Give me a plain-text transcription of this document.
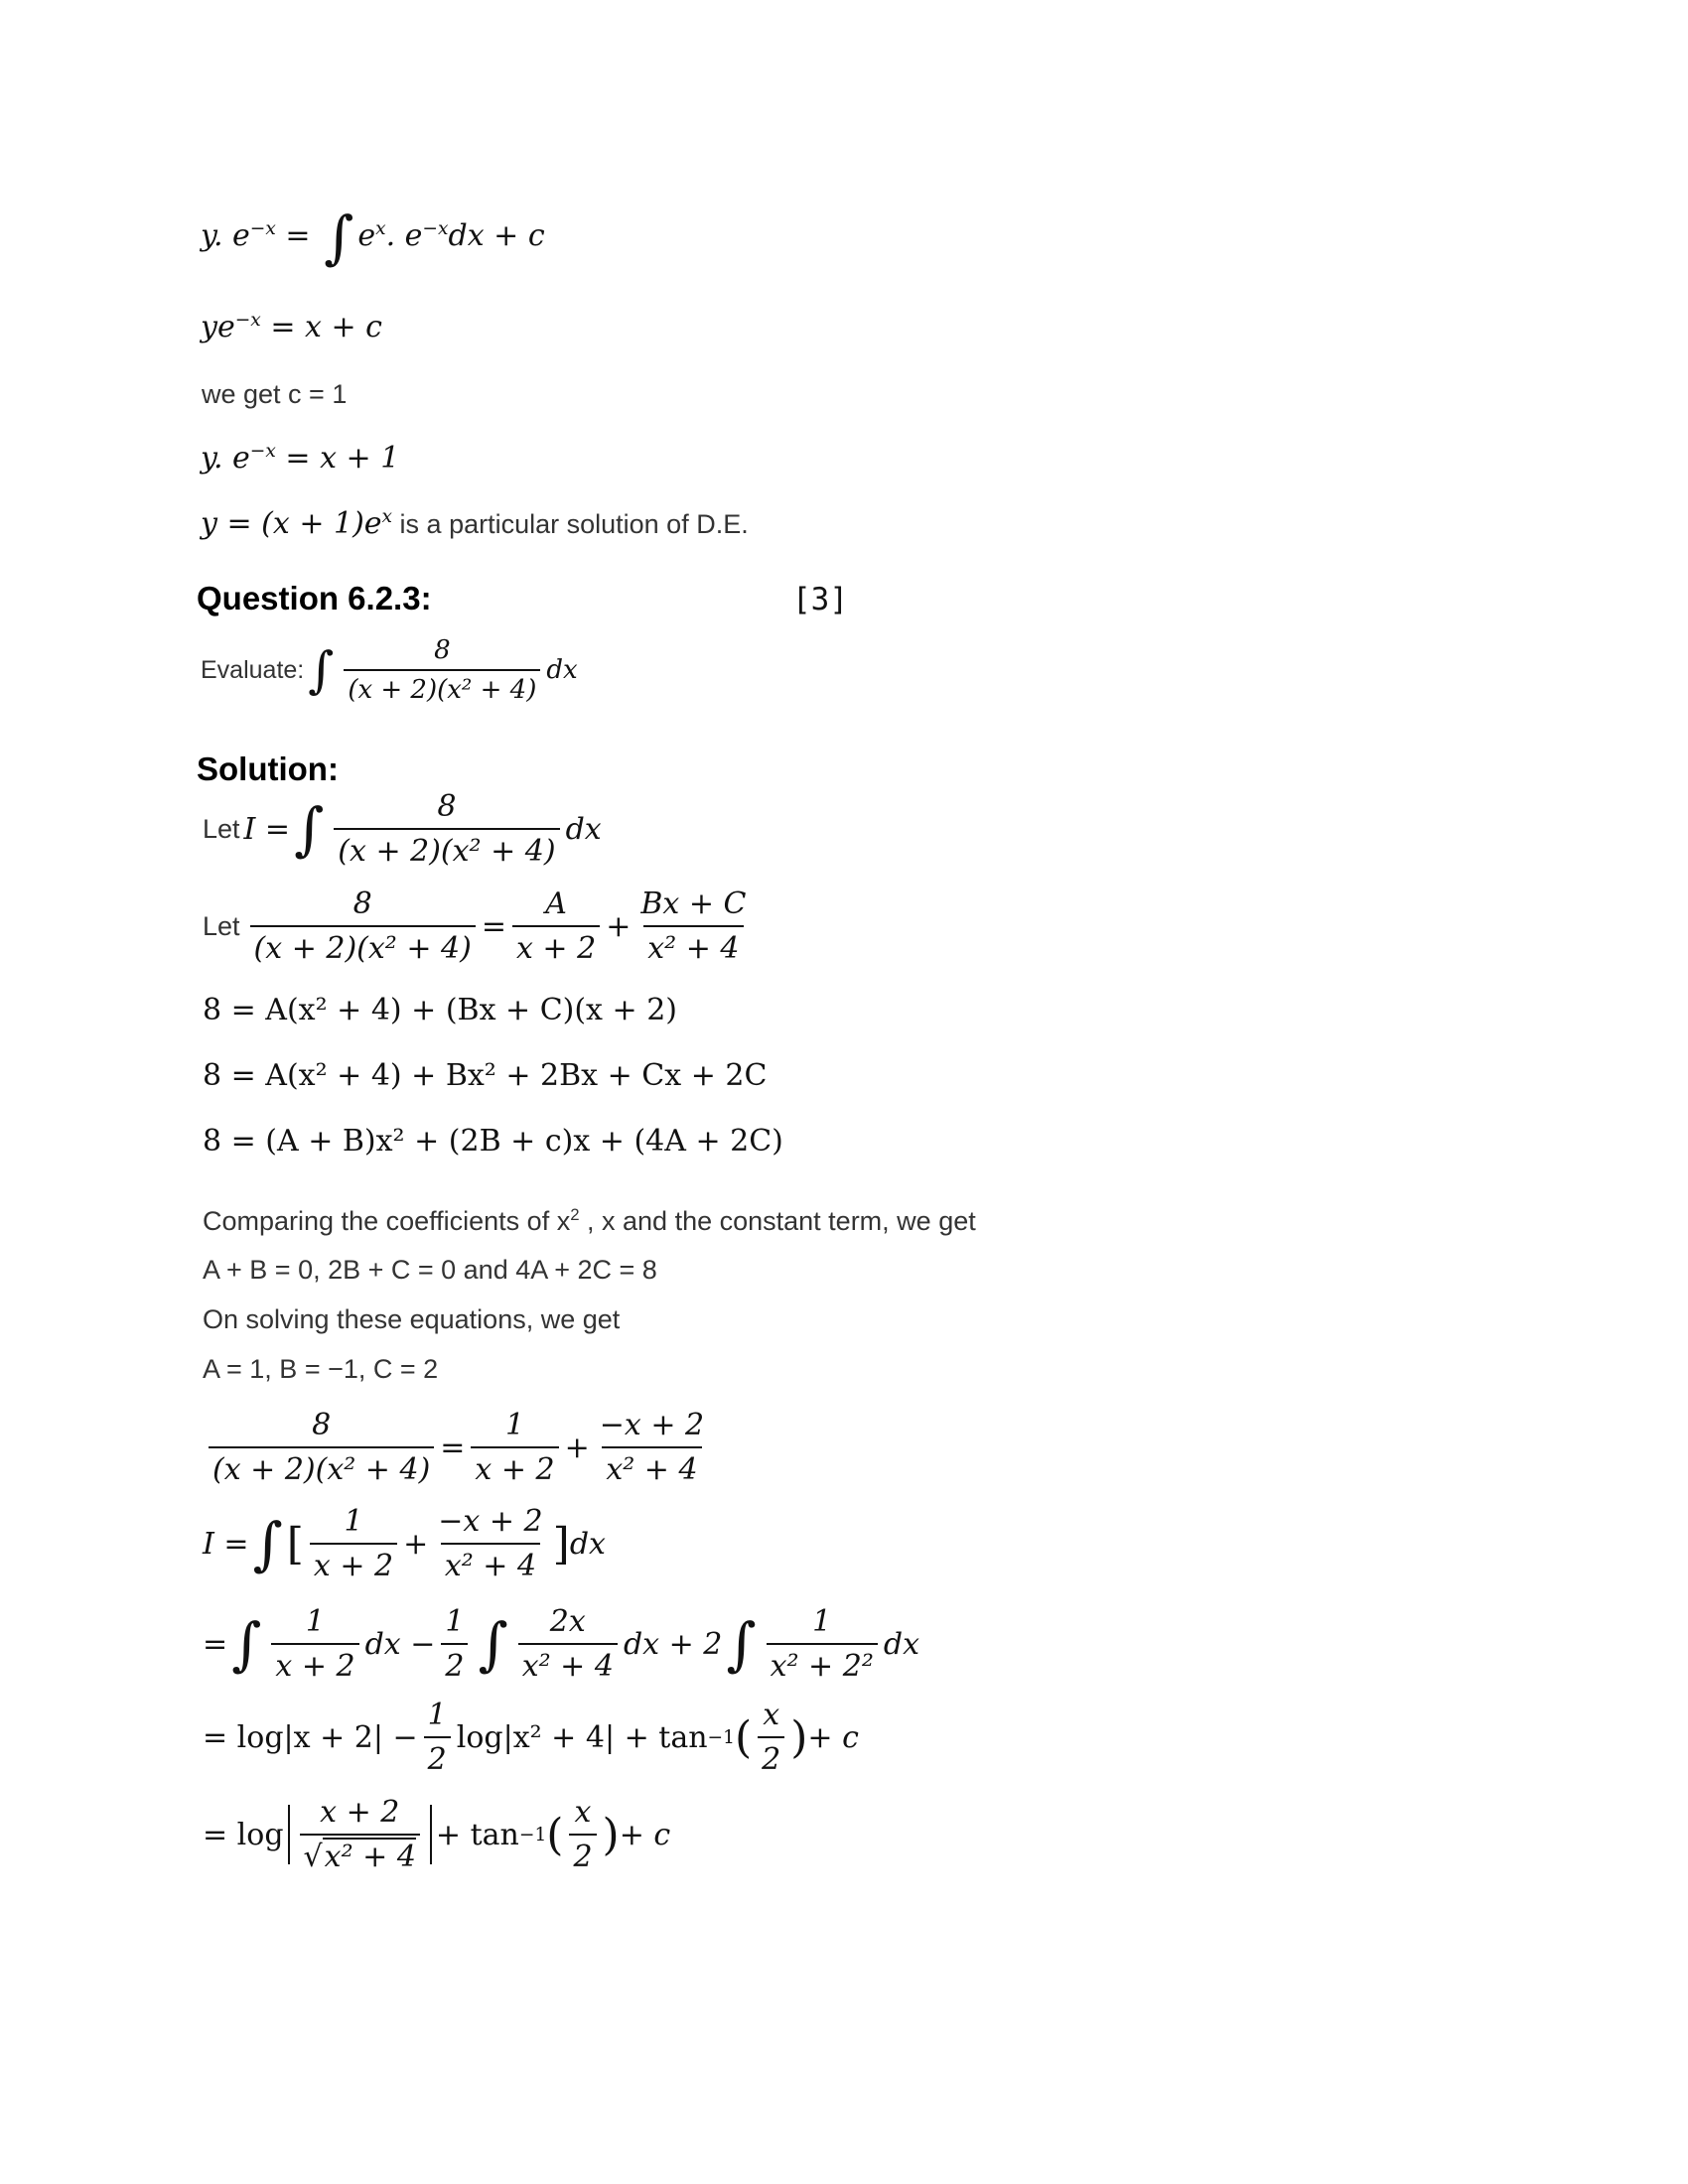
y. $e^{-x}$ = ∫ $e^x$. $e^{-x}dx + c$
$ye^{-x} = x + c$
we get c = 1
y. $e^{-x} = x + 1$
$y = (x + 1)e^x$ is a particular solution of D.E.
Question 6.2.3:	[3]
Evaluate: ∫ $\frac{8}{\text{(x + 2)(x² + 4)}}$ dx
Solution:
Let
I = ∫ $\frac{8}{\text{(x + 2)(x² + 4)}}$ dx
Let
$\frac{8}{\text{(x + 2)(x² + 4)}} = \frac{A}{x + 2} + \frac{Bx + C}{\text{x² + 4}}$
8 = A(x² + 4) + (Bx + C)(x + 2)
8 = A(x² + 4) + Bx² + 2Bx + Cx + 2C
8 = (A + B)x² + (2B + c)x + (4A + 2C)
Comparing the coefficients of $x^2$ , x and the constant term, we get
A + B = 0, 2B + C = 0 and 4A + 2C = 8
On solving these equations, we get
A = 1, B = −1, C = 2
$\frac{8}{\text{(x + 2)(x² + 4)}} = \frac{1}{x + 2} + \frac{-x + 2}{\text{x² + 4}}$
I = ∫ [ $\frac{1}{x + 2} + \frac{-x + 2}{\text{x² + 4}}$ ] dx
= ∫ $\frac{1}{x + 2}$ dx − $\frac{1}{2}$ ∫ $\frac{2x}{\text{x² + 4}}$ dx + 2 ∫ $\frac{1}{\text{x² + 2²}}$ dx
= $\log|x + 2| - \frac{1}{2} \log|x^2 + 4| + \tan -1$ ( $\frac{x}{2}$ ) + c
= $\log \frac{x + 2}{\text{√x² + 4}} + \tan -1$ ( $\frac{x}{2}$ ) + c
